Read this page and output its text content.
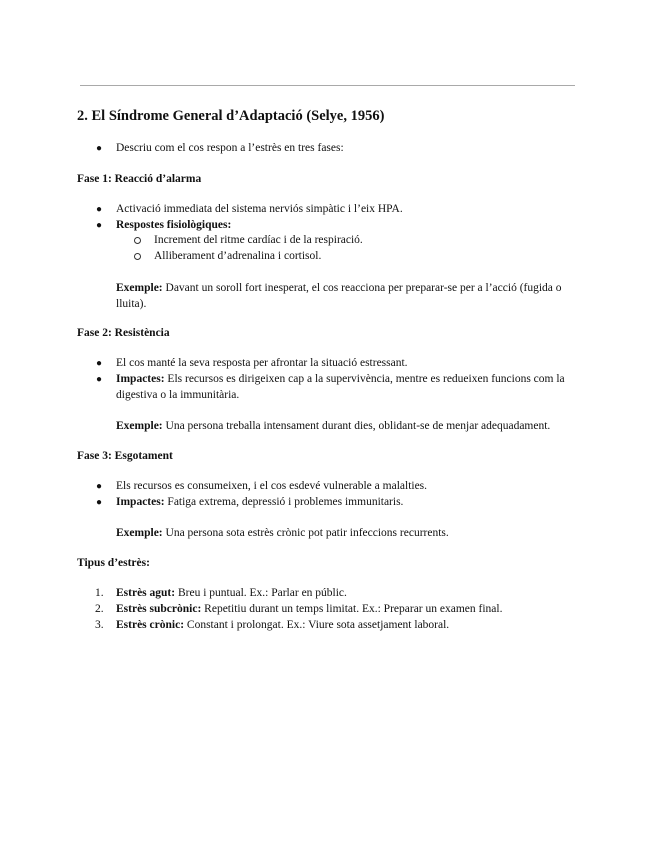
2. El Síndrome General d’Adaptació (Selye, 1956)
● Descriu com el cos respon a l’estrès en tres fases:
Fase 1: Reacció d’alarma
● Activació immediata del sistema nerviós simpàtic i l’eix HPA.
● Respostes fisiològiques:
Increment del ritme cardíac i de la respiració.
Alliberament d’adrenalina i cortisol.
Exemple: Davant un soroll fort inesperat, el cos reacciona per preparar-se per a l’acció (fugida o lluita).
Fase 2: Resistència
● El cos manté la seva resposta per afrontar la situació estressant.
● Impactes: Els recursos es dirigeixen cap a la supervivència, mentre es redueixen funcions com la digestiva o la immunitària.
Exemple: Una persona treballa intensament durant dies, oblidant-se de menjar adequadament.
Fase 3: Esgotament
● Els recursos es consumeixen, i el cos esdevé vulnerable a malalties.
● Impactes: Fatiga extrema, depressió i problemes immunitaris.
Exemple: Una persona sota estrès crònic pot patir infeccions recurrents.
Tipus d’estrès:
1. Estrès agut: Breu i puntual. Ex.: Parlar en públic.
2. Estrès subcrònic: Repetitiu durant un temps limitat. Ex.: Preparar un examen final.
3. Estrès crònic: Constant i prolongat. Ex.: Viure sota assetjament laboral.
